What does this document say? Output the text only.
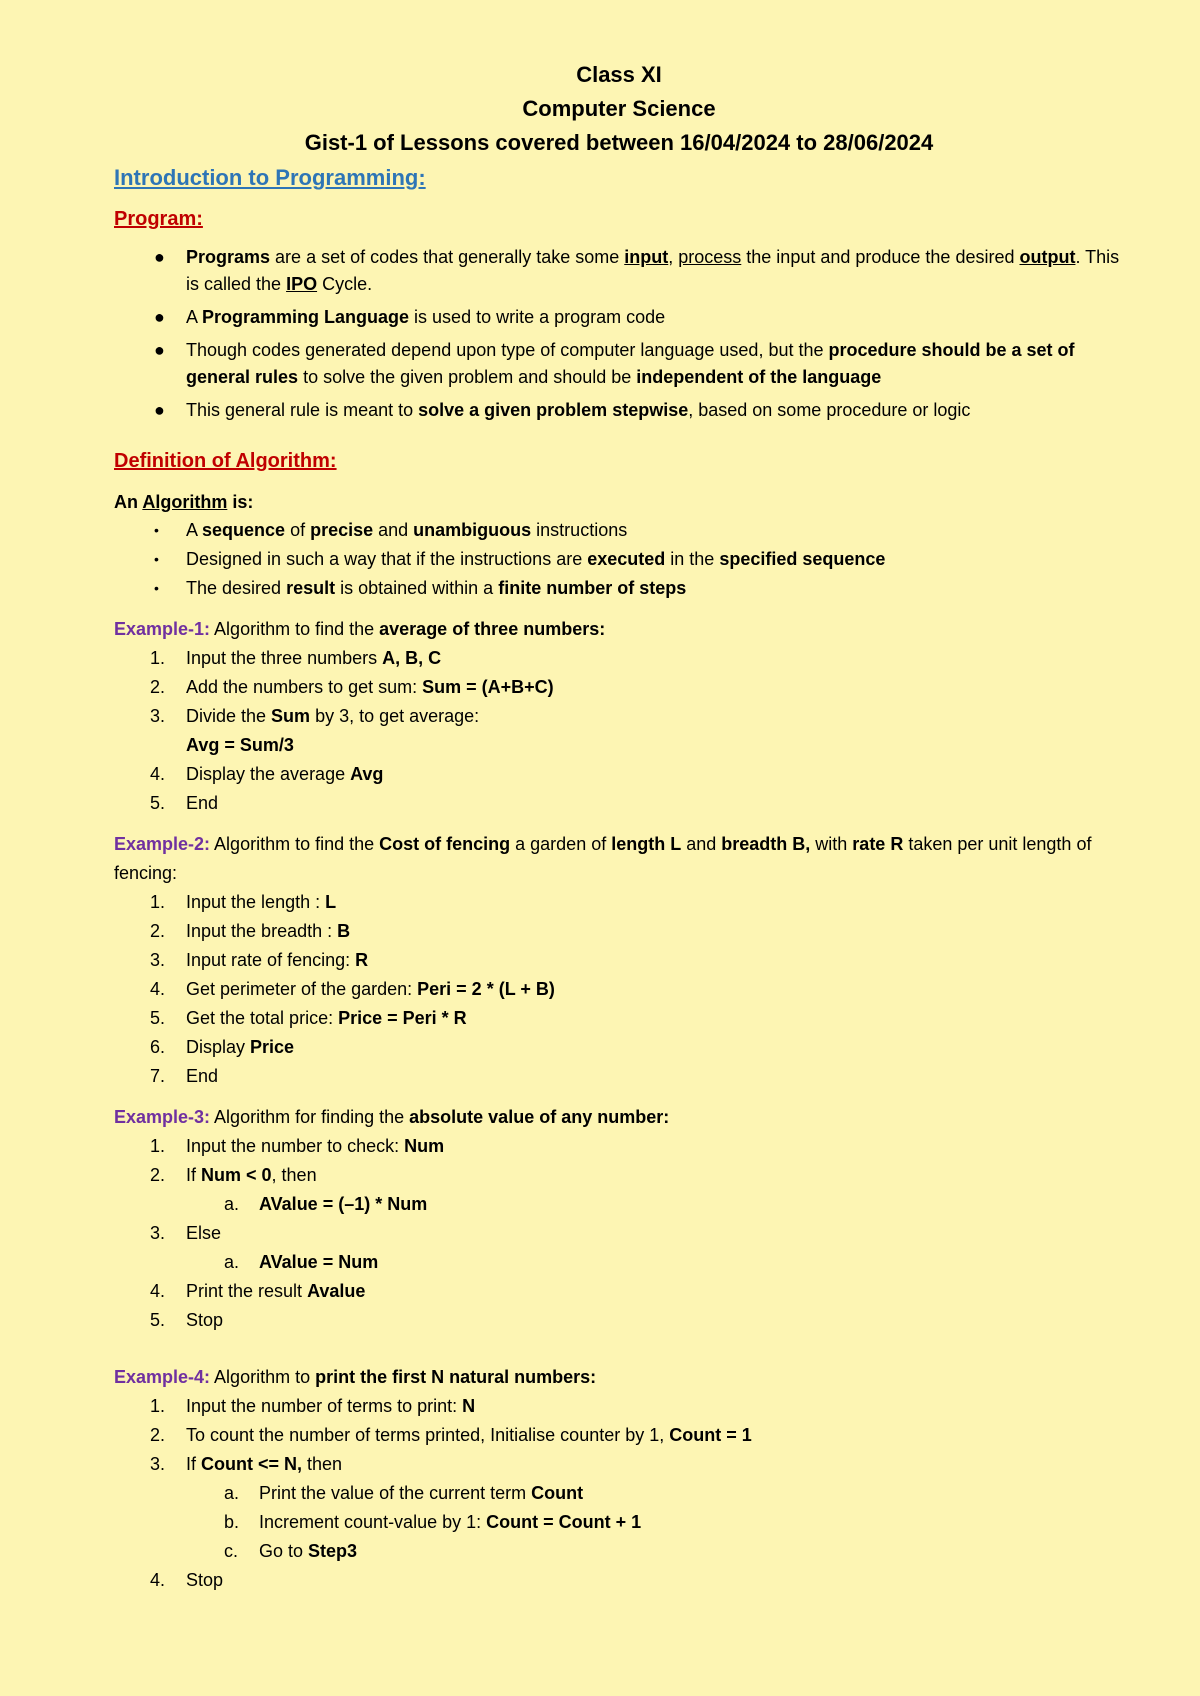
Class XI
Computer Science
Gist-1 of Lessons covered between 16/04/2024 to 28/06/2024
Introduction to Programming:
Program:
● Programs are a set of codes that generally take some input, process the input and produce the desired output. This is called the IPO Cycle.
● A Programming Language is used to write a program code
● Though codes generated depend upon type of computer language used, but the procedure should be a set of general rules to solve the given problem and should be independent of the language
● This general rule is meant to solve a given problem stepwise, based on some procedure or logic
Definition of Algorithm:
An Algorithm is:
• A sequence of precise and unambiguous instructions
• Designed in such a way that if the instructions are executed in the specified sequence
• The desired result is obtained within a finite number of steps
Example-1: Algorithm to find the average of three numbers:
1.	Input the three numbers A, B, C
2.	Add the numbers to get sum: Sum = (A+B+C)
3.	Divide the Sum by 3, to get average:
Avg = Sum/3
4.	Display the average Avg
5.	End
Example-2: Algorithm to find the Cost of fencing a garden of length L and breadth B, with rate R taken per unit length of fencing:
1.	Input the length : L
2.	Input the breadth : B
3.	Input rate of fencing: R
4.	Get perimeter of the garden: Peri = 2 * (L + B)
5.	Get the total price: Price = Peri * R
6.	Display Price
7.	End
Example-3: Algorithm for finding the absolute value of any number:
1.	Input the number to check: Num
2.	If Num < 0, then
a.	AValue = (–1) * Num
3.	Else
a.	AValue = Num
4.	Print the result Avalue
5.	Stop
Example-4: Algorithm to print the first N natural numbers:
1.	Input the number of terms to print: N
2.	To count the number of terms printed, Initialise counter by 1, Count = 1
3.	If Count <= N, then
a.	Print the value of the current term Count
b.	Increment count-value by 1: Count = Count + 1
c.	Go to Step3
4.	Stop
